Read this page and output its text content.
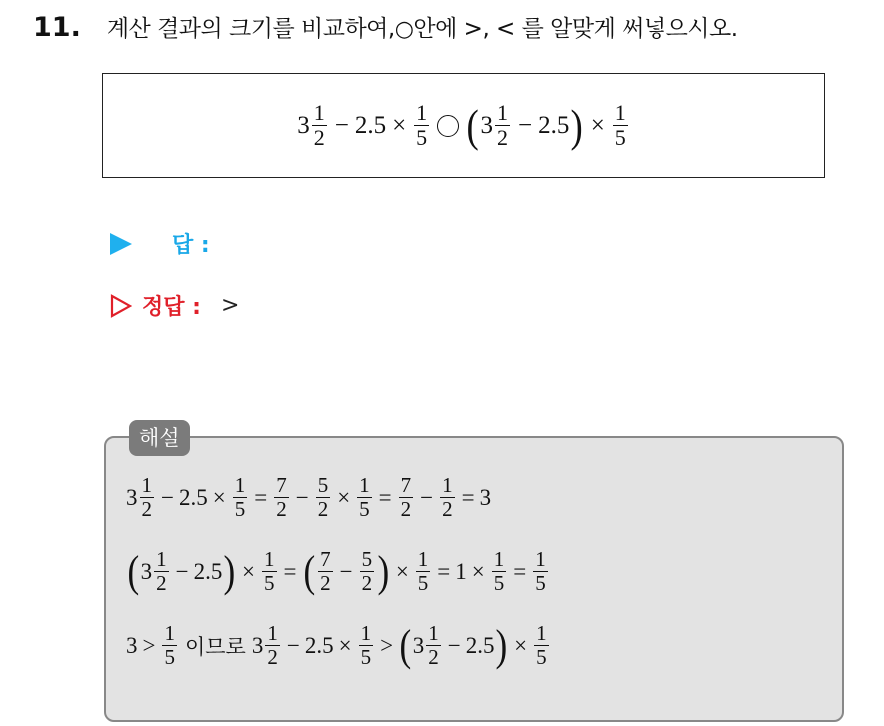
11. 계산 결과의 크기를 비교하여,○안에 >, < 를 알맞게 써넣으시오.
$3 \frac{1}{2} - 2.5 \times \frac{1}{5}$ ( $3 \frac{1}{2} - 2.5$ ) × $\frac{1}{5}$
답 :
정답 : >
해설
$3 \frac{1}{2} - 2.5 \times \frac{1}{5} = \frac{7}{2} - \frac{5}{2} \times \frac{1}{5} = \frac{7}{2} - \frac{1}{2} = 3$
( $3 \frac{1}{2} - 2.5$ ) × $\frac{1}{5}$ = ( $\frac{7}{2} - \frac{5}{2}$ ) × $\frac{1}{5} = 1 \times \frac{1}{5} = \frac{1}{5}$
$3 > \frac{1}{5}$ 이므로 $3 \frac{1}{2} - 2.5 \times \frac{1}{5}$ > ( $3 \frac{1}{2} - 2.5$ ) × $\frac{1}{5}$
